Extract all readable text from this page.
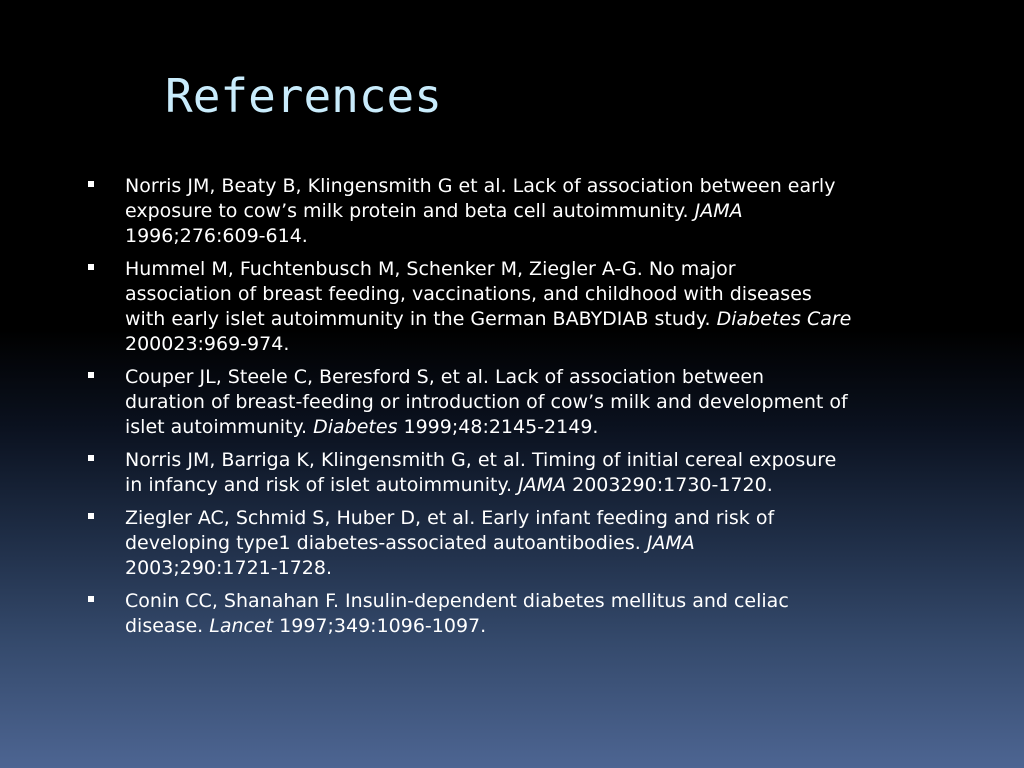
References
Norris JM, Beaty B, Klingensmith G et al. Lack of association between early
exposure to cow’s milk protein and beta cell autoimmunity. JAMA
1996;276:609-614.
Hummel M, Fuchtenbusch M, Schenker M, Ziegler A-G. No major
association of breast feeding, vaccinations, and childhood with diseases
with early islet autoimmunity in the German BABYDIAB study. Diabetes Care
200023:969-974.
Couper JL, Steele C, Beresford S, et al. Lack of association between
duration of breast-feeding or introduction of cow’s milk and development of
islet autoimmunity. Diabetes 1999;48:2145-2149.
Norris JM, Barriga K, Klingensmith G, et al. Timing of initial cereal exposure
in infancy and risk of islet autoimmunity. JAMA 2003290:1730-1720.
Ziegler AC, Schmid S, Huber D, et al. Early infant feeding and risk of
developing type1 diabetes-associated autoantibodies. JAMA
2003;290:1721-1728.
Conin CC, Shanahan F. Insulin-dependent diabetes mellitus and celiac
disease. Lancet 1997;349:1096-1097.
